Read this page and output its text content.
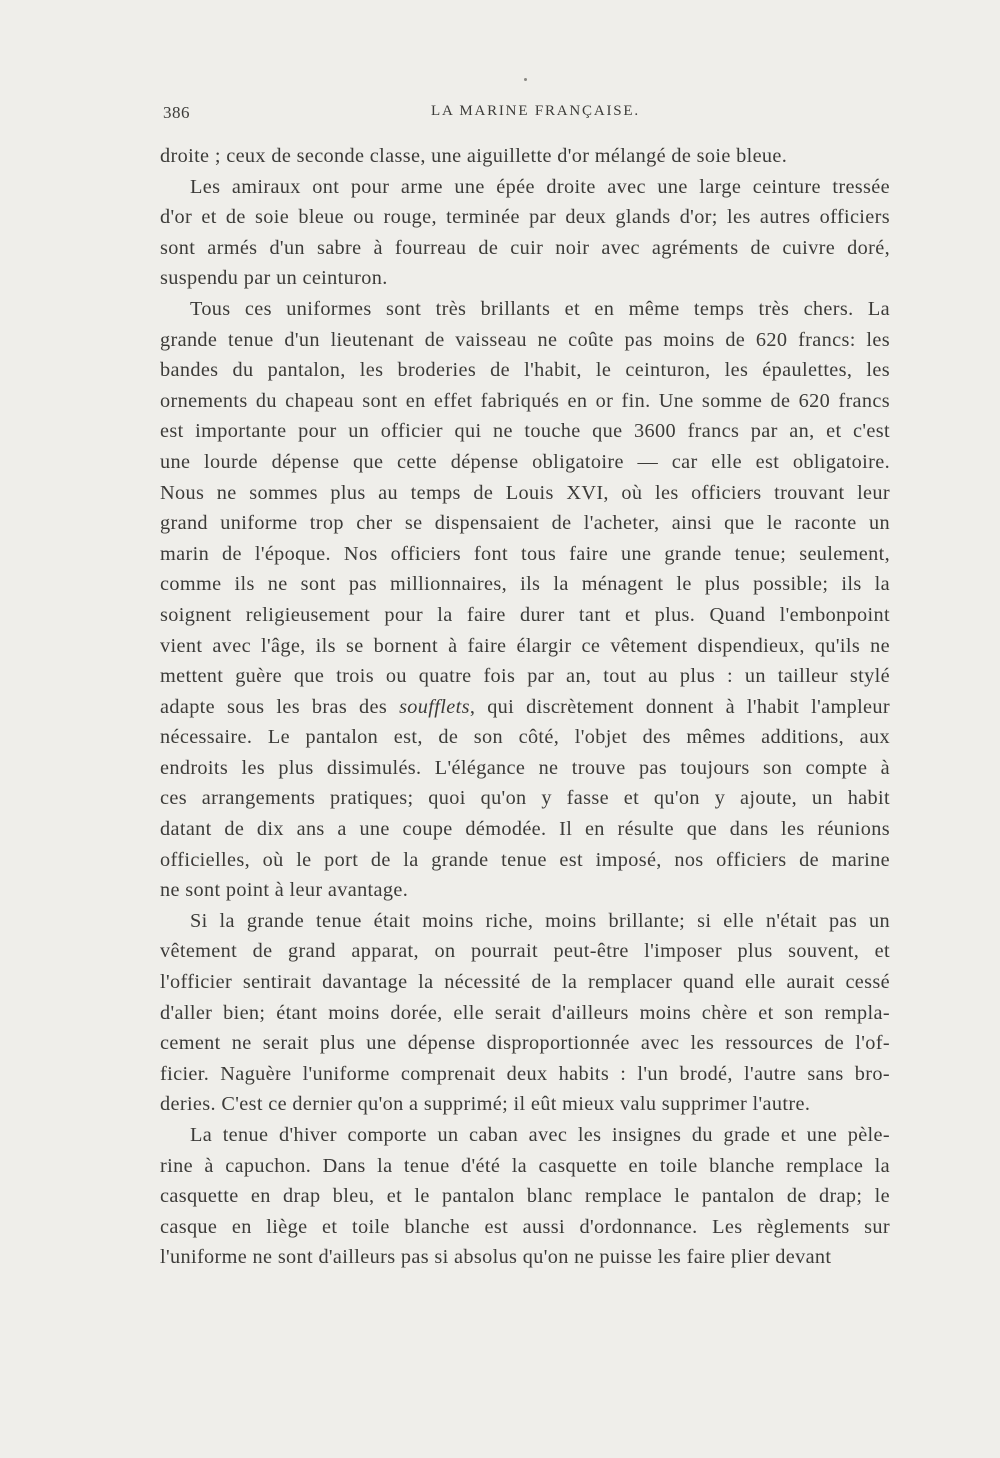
386	LA MARINE FRANÇAISE.
droite ; ceux de seconde classe, une aiguillette d'or mélangé de soie bleue.
Les amiraux ont pour arme une épée droite avec une large ceinture tressée
d'or et de soie bleue ou rouge, terminée par deux glands d'or; les autres officiers
sont armés d'un sabre à fourreau de cuir noir avec agréments de cuivre doré,
suspendu par un ceinturon.
Tous ces uniformes sont très brillants et en même temps très chers. La
grande tenue d'un lieutenant de vaisseau ne coûte pas moins de 620 francs: les
bandes du pantalon, les broderies de l'habit, le ceinturon, les épaulettes, les
ornements du chapeau sont en effet fabriqués en or fin. Une somme de 620 francs
est importante pour un officier qui ne touche que 3600 francs par an, et c'est
une lourde dépense que cette dépense obligatoire — car elle est obligatoire.
Nous ne sommes plus au temps de Louis XVI, où les officiers trouvant leur
grand uniforme trop cher se dispensaient de l'acheter, ainsi que le raconte un
marin de l'époque. Nos officiers font tous faire une grande tenue; seulement,
comme ils ne sont pas millionnaires, ils la ménagent le plus possible; ils la
soignent religieusement pour la faire durer tant et plus. Quand l'embonpoint
vient avec l'âge, ils se bornent à faire élargir ce vêtement dispendieux, qu'ils ne
mettent guère que trois ou quatre fois par an, tout au plus : un tailleur stylé
adapte sous les bras des soufflets, qui discrètement donnent à l'habit l'ampleur
nécessaire. Le pantalon est, de son côté, l'objet des mêmes additions, aux
endroits les plus dissimulés. L'élégance ne trouve pas toujours son compte à
ces arrangements pratiques; quoi qu'on y fasse et qu'on y ajoute, un habit
datant de dix ans a une coupe démodée. Il en résulte que dans les réunions
officielles, où le port de la grande tenue est imposé, nos officiers de marine
ne sont point à leur avantage.
Si la grande tenue était moins riche, moins brillante; si elle n'était pas un
vêtement de grand apparat, on pourrait peut-être l'imposer plus souvent, et
l'officier sentirait davantage la nécessité de la remplacer quand elle aurait cessé
d'aller bien; étant moins dorée, elle serait d'ailleurs moins chère et son rempla-
cement ne serait plus une dépense disproportionnée avec les ressources de l'of-
ficier. Naguère l'uniforme comprenait deux habits : l'un brodé, l'autre sans bro-
deries. C'est ce dernier qu'on a supprimé; il eût mieux valu supprimer l'autre.
La tenue d'hiver comporte un caban avec les insignes du grade et une pèle-
rine à capuchon. Dans la tenue d'été la casquette en toile blanche remplace la
casquette en drap bleu, et le pantalon blanc remplace le pantalon de drap; le
casque en liège et toile blanche est aussi d'ordonnance. Les règlements sur
l'uniforme ne sont d'ailleurs pas si absolus qu'on ne puisse les faire plier devant
